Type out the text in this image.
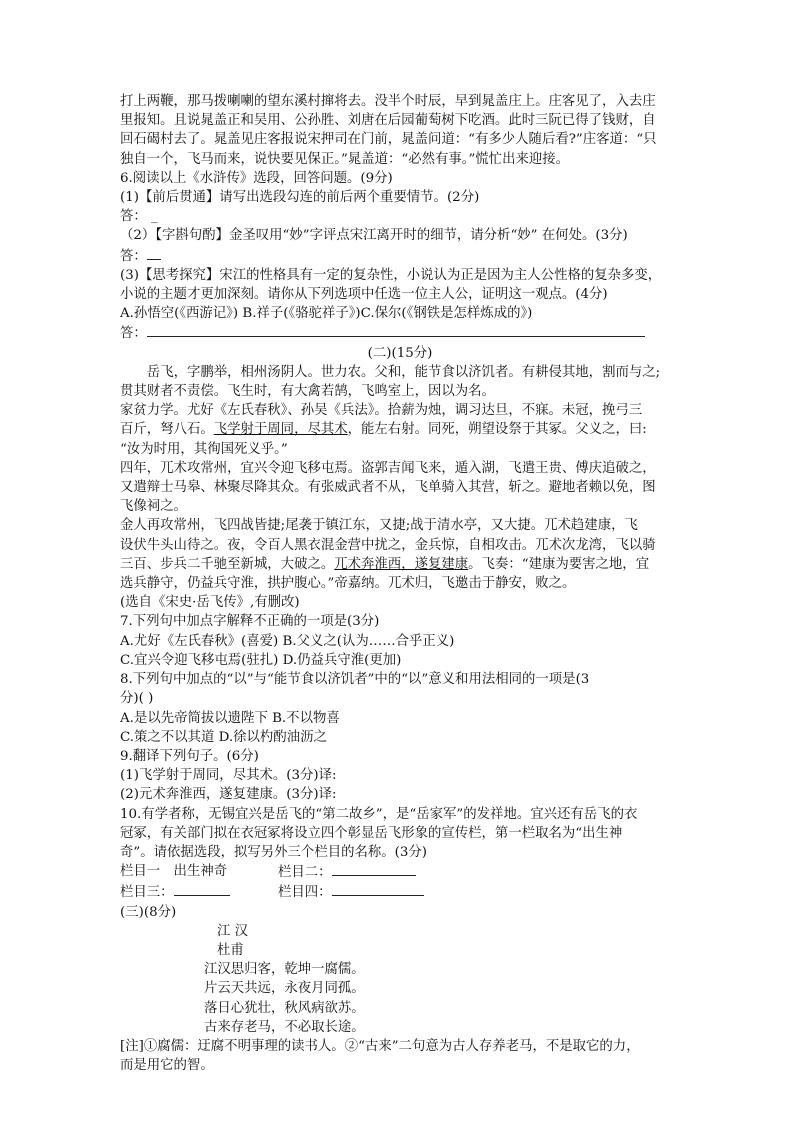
打上两鞭，那马拨喇喇的望东溪村撺将去。没半个时辰，早到晁盖庄上。庄客见了，入去庄

里报知。且说晁盖正和吴用、公孙胜、刘唐在后园葡萄树下吃酒。此时三阮已得了钱财，自

回石碣村去了。晁盖见庄客报说宋押司在门前，晁盖问道：“有多少人随后看?”庄客道：“只

独自一个，飞马而来，说快要见保正。”晁盖道：“必然有事。”慌忙出来迎接。

6.阅读以上《水浒传》选段，回答问题。(9分)

(1)【前后贯通】请写出选段勾连的前后两个重要情节。(2分)

答： _

（2）【字斟句酌】金圣叹用“妙”字评点宋江离开时的细节，请分析“妙” 在何处。(3分)

答：

(3)【思考探究】宋江的性格具有一定的复杂性，小说认为正是因为主人公性格的复杂多变，

小说的主题才更加深刻。请你从下列选项中任选一位主人公，证明这一观点。(4分)

A.孙悟空(《西游记》) B.祥子(《骆驼祥子》)C.保尔(《钢铁是怎样炼成的》)

答：

(二)(15分)

岳飞，字鹏举，相州汤阴人。世力农。父和，能节食以济饥者。有耕侵其地，割而与之;

贯其财者不责偿。飞生时，有大禽若鹄，飞鸣室上，因以为名。

家贫力学。尤好《左氏春秋》、孙吴《兵法》。拾薪为烛，调习达旦，不寐。未冠，挽弓三

百斤，弩八石。飞学射于周同，尽其术，能左右射。同死，朔望设祭于其冢。父义之，曰:

“汝为时用，其徇国死义乎。”

四年，兀术攻常州，宜兴令迎飞移屯焉。盗郭吉闻飞来，遁入湖，飞遣王贵、傅庆追破之，

又遣辩士马皋、林聚尽降其众。有张威武者不从，飞单骑入其营，斩之。避地者赖以免，图

飞像祠之。

金人再攻常州，飞四战皆捷;尾袭于镇江东，又捷;战于清水亭，又大捷。兀术趋建康，飞

设伏牛头山待之。夜，令百人黑衣混金营中扰之，金兵惊，自相攻击。兀术次龙湾，飞以骑

三百、步兵二千驰至新城，大破之。兀术奔淮西，遂复建康。飞奏：“建康为要害之地，宜

选兵静守，仍益兵守淮，拱护腹心。”帝嘉纳。兀术归，飞邀击于静安，败之。

(选自《宋史·岳飞传》,有删改)

7.下列句中加点字解释不正确的一项是(3分)

A.尤好《左氏春秋》(喜爱) B.父义之(认为……合乎正义)

C.宜兴令迎飞移屯焉(驻扎) D.仍益兵守淮(更加)

8.下列句中加点的“以”与“能节食以济饥者”中的“以”意义和用法相同的一项是(3

分)( )

A.是以先帝简拔以遗陛下 B.不以物喜

C.策之不以其道 D.徐以杓酌油沥之

9.翻译下列句子。(6分)

(1)飞学射于周同，尽其术。(3分)译:

(2)元术奔淮西，遂复建康。(3分)译:

10.有学者称，无锡宜兴是岳飞的“第二故乡”，是“岳家军”的发祥地。宜兴还有岳飞的衣

冠冢，有关部门拟在衣冠冢将设立四个彰显岳飞形象的宣传栏，第一栏取名为“出生神

奇”。请依据选段，拟写另外三个栏目的名称。(3分)

栏目一　出生神奇	栏目二：
栏目三：	栏目四：

(三)(8分)

江 汉

杜甫

江汉思归客，乾坤一腐儒。

片云天共远，永夜月同孤。

落日心犹壮，秋风病欲苏。

古来存老马，不必取长途。

[注]①腐儒：迂腐不明事理的读书人。②“古来”二句意为古人存养老马，不是取它的力，

而是用它的智。
